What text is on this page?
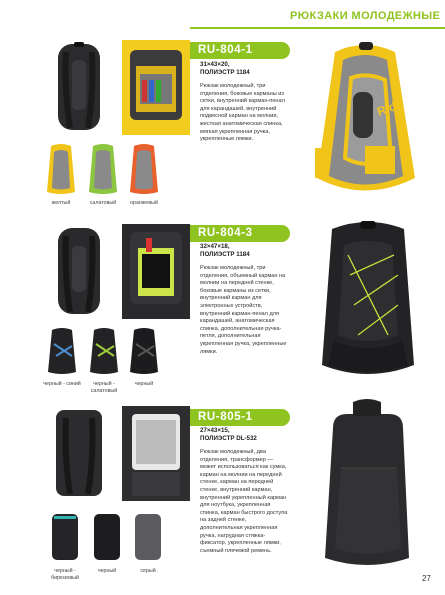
РЮКЗАКИ МОЛОДЕЖНЫЕ
Ride
RU-804-1
31×43×20,
ПОЛИЭСТР 1184
Рюкзак молодежный, три отделения, боковые карманы из сетки, внутренний карман-пенал для карандашей, внутренний подвесной карман на молнии, жесткая анатомическая спинка, мягкая укрепленная ручка, укрепленные лямки.
желтый	салатовый	оранжевый
RU-804-3
32×47×18,
ПОЛИЭСТР 1184
Рюкзак молодежный, три отделения, объемный карман на молнии на передней стенке, боковые карманы из сетки, внутренний карман для электронных устройств, внутренний карман-пенал для карандашей, анатомическая спинка, дополнительная ручка-петля, дополнительная укрепленная ручка, укрепленные лямки.
черный - синий	черный - салатовый
черный
RU-805-1
27×43×15,
ПОЛИЭСТР DL-532
Рюкзак молодежный, два отделения, трансформер — может использоваться как сумка, карман на молнии на передней стенке, карман на передней стенке, внутренний карман, внутренний укрепленный карман для ноутбука, укрепленная спинка, карман быстрого доступа на задней стенке, дополнительная укрепленная ручка, нагрудная стяжка-фиксатор, укрепленные лямки, съемный плечевой ремень.
черный - бирюзовый
черный	серый
27
